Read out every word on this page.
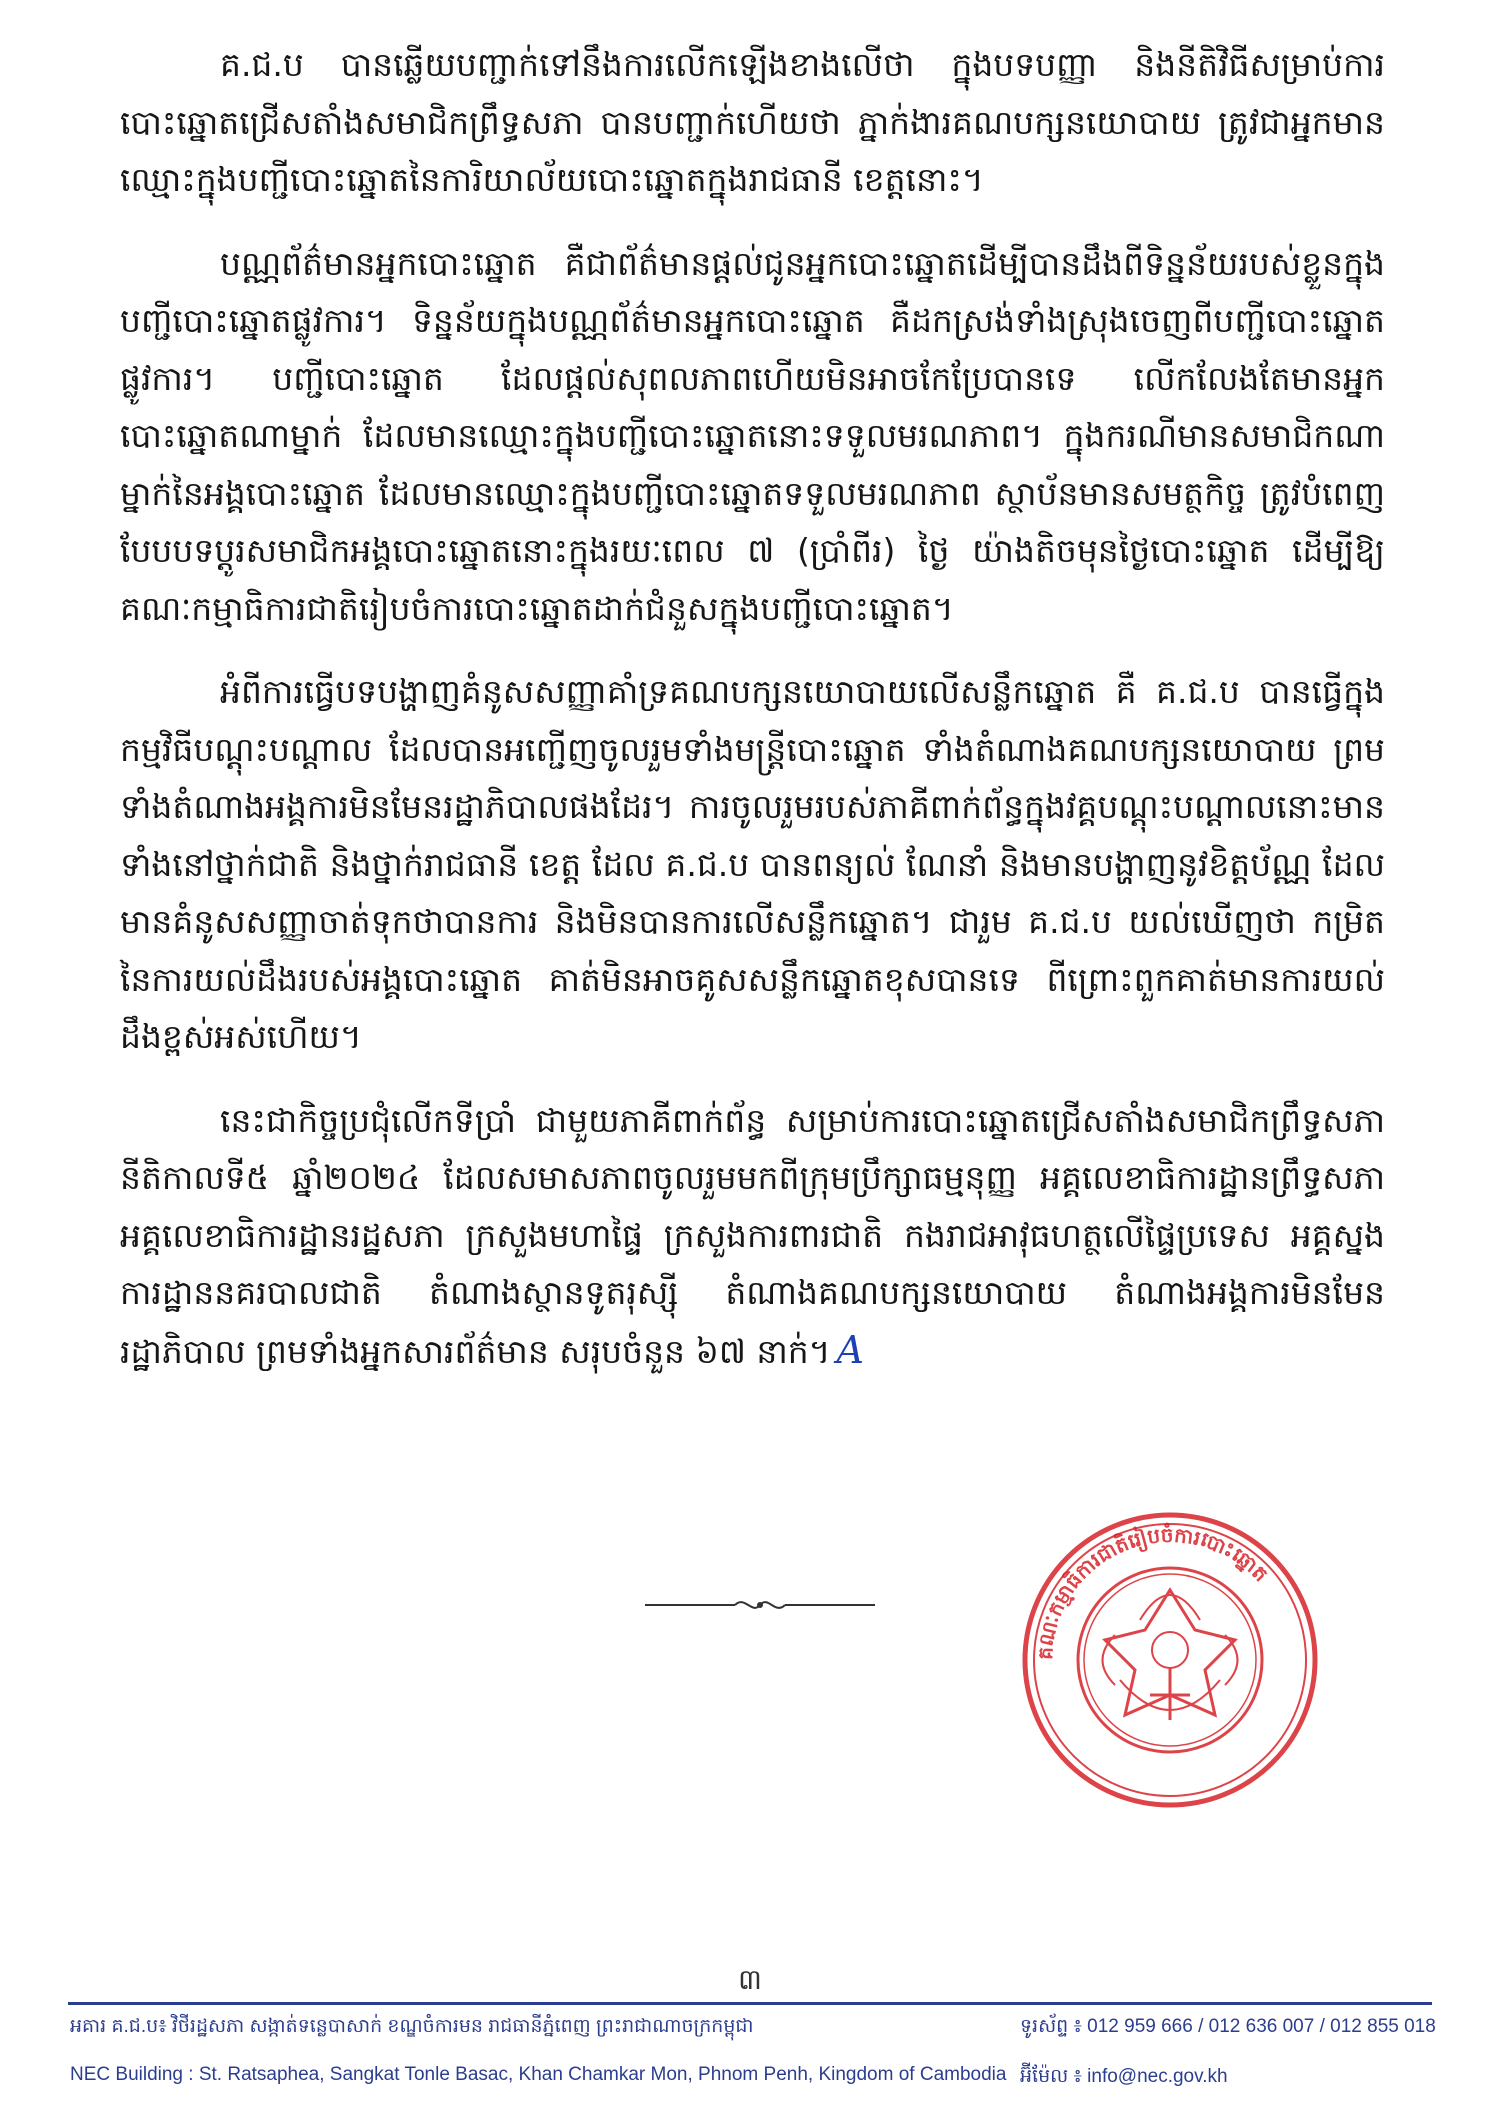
គ.ជ.ប បានឆ្លើយបញ្ជាក់ទៅនឹងការលើកឡើងខាងលើថា ក្នុងបទបញ្ញា និងនីតិវិធីសម្រាប់ការបោះឆ្នោតជ្រើសតាំងសមាជិកព្រឹទ្ធសភា បានបញ្ជាក់ហើយថា ភ្នាក់ងារគណបក្សនយោបាយ ត្រូវជាអ្នកមានឈ្មោះក្នុងបញ្ជីបោះឆ្នោតនៃការិយាល័យបោះឆ្នោតក្នុងរាជធានី ខេត្តនោះ។

បណ្ណព័ត៌មានអ្នកបោះឆ្នោត គឺជាព័ត៌មានផ្តល់ជូនអ្នកបោះឆ្នោតដើម្បីបានដឹងពីទិន្នន័យរបស់ខ្លួនក្នុងបញ្ជីបោះឆ្នោតផ្លូវការ។ ទិន្នន័យក្នុងបណ្ណព័ត៌មានអ្នកបោះឆ្នោត គឺដកស្រង់ទាំងស្រុងចេញពីបញ្ជីបោះឆ្នោតផ្លូវការ។ បញ្ជីបោះឆ្នោត ដែលផ្តល់សុពលភាពហើយមិនអាចកែប្រែបានទេ លើកលែងតែមានអ្នកបោះឆ្នោតណាម្នាក់ ដែលមានឈ្មោះក្នុងបញ្ជីបោះឆ្នោតនោះទទួលមរណភាព។ ក្នុងករណីមានសមាជិកណាម្នាក់នៃអង្គបោះឆ្នោត ដែលមានឈ្មោះក្នុងបញ្ជីបោះឆ្នោតទទួលមរណភាព ស្ថាប័នមានសមត្ថកិច្ច ត្រូវបំពេញបែបបទប្តូរសមាជិកអង្គបោះឆ្នោតនោះក្នុងរយៈពេល ៧ (ប្រាំពីរ) ថ្ងៃ យ៉ាងតិចមុនថ្ងៃបោះឆ្នោត ដើម្បីឱ្យគណៈកម្មាធិការជាតិរៀបចំការបោះឆ្នោតដាក់ជំនួសក្នុងបញ្ជីបោះឆ្នោត។

អំពីការធ្វើបទបង្ហាញគំនូសសញ្ញាគាំទ្រគណបក្សនយោបាយលើសន្លឹកឆ្នោត គឺ គ.ជ.ប បានធ្វើក្នុងកម្មវិធីបណ្តុះបណ្តាល ដែលបានអញ្ជើញចូលរួមទាំងមន្ត្រីបោះឆ្នោត ទាំងតំណាងគណបក្សនយោបាយ ព្រមទាំងតំណាងអង្គការមិនមែនរដ្ឋាភិបាលផងដែរ។ ការចូលរួមរបស់ភាគីពាក់ព័ន្ធក្នុងវគ្គបណ្តុះបណ្តាលនោះមានទាំងនៅថ្នាក់ជាតិ និងថ្នាក់រាជធានី ខេត្ត ដែល គ.ជ.ប បានពន្យល់ ណែនាំ និងមានបង្ហាញនូវខិត្តប័ណ្ណ ដែលមានគំនូសសញ្ញាចាត់ទុកថាបានការ និងមិនបានការលើសន្លឹកឆ្នោត។ ជារួម គ.ជ.ប យល់ឃើញថា កម្រិតនៃការយល់ដឹងរបស់អង្គបោះឆ្នោត គាត់មិនអាចគូសសន្លឹកឆ្នោតខុសបានទេ ពីព្រោះពួកគាត់មានការយល់ដឹងខ្ពស់អស់ហើយ។

នេះជាកិច្ចប្រជុំលើកទីប្រាំ ជាមួយភាគីពាក់ព័ន្ធ សម្រាប់ការបោះឆ្នោតជ្រើសតាំងសមាជិកព្រឹទ្ធសភា នីតិកាលទី៥ ឆ្នាំ២០២៤ ដែលសមាសភាពចូលរួមមកពីក្រុមប្រឹក្សាធម្មនុញ្ញ អគ្គលេខាធិការដ្ឋានព្រឹទ្ធសភា អគ្គលេខាធិការដ្ឋានរដ្ឋសភា ក្រសួងមហាផ្ទៃ ក្រសួងការពារជាតិ កងរាជអាវុធហត្ថលើផ្ទៃប្រទេស អគ្គស្នងការដ្ឋាននគរបាលជាតិ តំណាងស្ថានទូតរុស្ស៊ី តំណាងគណបក្សនយោបាយ តំណាងអង្គការមិនមែនរដ្ឋាភិបាល ព្រមទាំងអ្នកសារព័ត៌មាន សរុបចំនួន ៦៧ នាក់។ A

គណៈកម្មាធិការជាតិរៀបចំការបោះឆ្នោត
៣
អគារ គ.ជ.ប៖ វិថីរដ្ឋសភា សង្កាត់ទន្លេបាសាក់ ខណ្ឌចំការមន រាជធានីភ្នំពេញ ព្រះរាជាណាចក្រកម្ពុជា
NEC Building : St. Ratsaphea, Sangkat Tonle Basac, Khan Chamkar Mon, Phnom Penh, Kingdom of Cambodia
ទូរស័ព្ទ ៖ 012 959 666 / 012 636 007 / 012 855 018
អ៊ីម៉ែល ៖ info@nec.gov.kh
